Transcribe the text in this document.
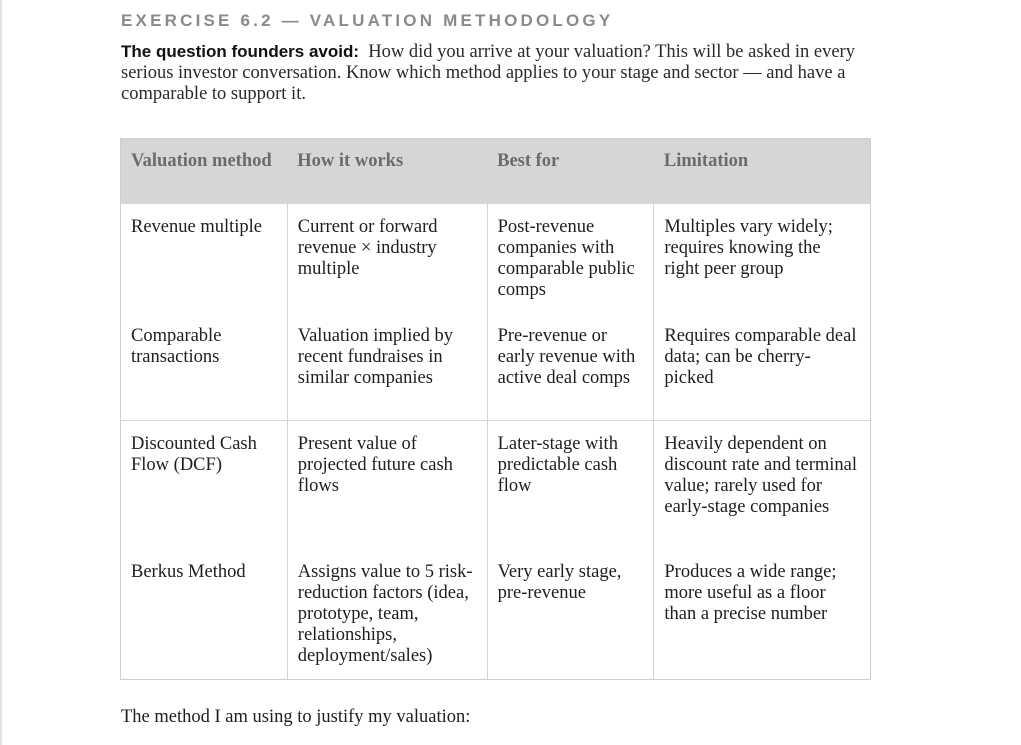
EXERCISE 6.2 — VALUATION METHODOLOGY

The question founders avoid: How did you arrive at your valuation? This will be asked in every serious investor conversation. Know which method applies to your stage and sector — and have a comparable to support it.

Valuation method	How it works	Best for	Limitation
Revenue multiple	Current or forward revenue × industry multiple	Post-revenue companies with comparable public comps	Multiples vary widely; requires knowing the right peer group
Comparable transactions	Valuation implied by recent fundraises in similar companies	Pre-revenue or early revenue with active deal comps	Requires comparable deal data; can be cherry-picked
Discounted Cash Flow (DCF)	Present value of projected future cash flows	Later-stage with predictable cash flow	Heavily dependent on discount rate and terminal value; rarely used for early-stage companies
Berkus Method	Assigns value to 5 risk-reduction factors (idea, prototype, team, relationships, deployment/sales)	Very early stage, pre-revenue	Produces a wide range; more useful as a floor than a precise number
The method I am using to justify my valuation:
